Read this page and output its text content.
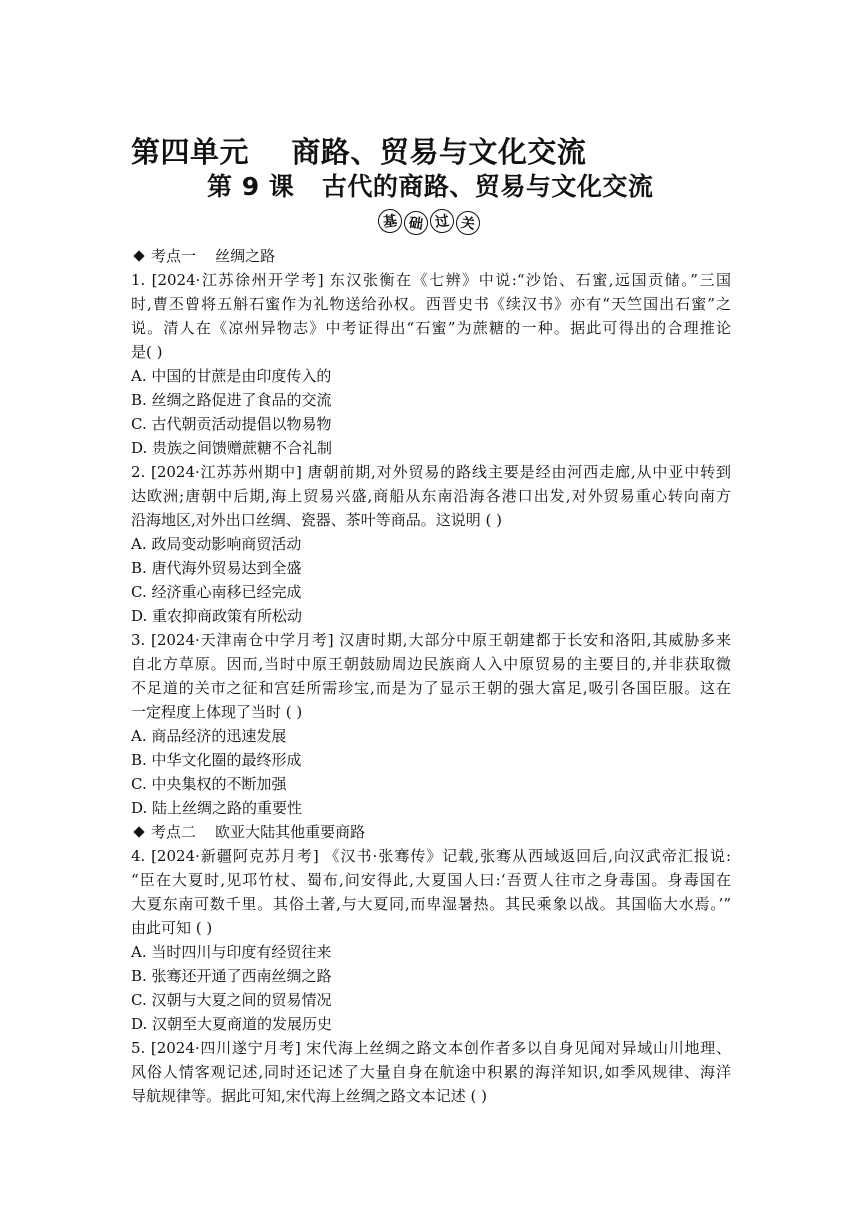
第四单元    商路、贸易与文化交流
第 9 课   古代的商路、贸易与文化交流
基 础 过 关
考点一    丝绸之路
1. [2024·江苏徐州开学考] 东汉张衡在《七辨》中说:“沙饴、石蜜,远国贡储。”三国
时,曹丕曾将五斛石蜜作为礼物送给孙权。西晋史书《续汉书》亦有“天竺国出石蜜”之
说。清人在《凉州异物志》中考证得出“石蜜”为蔗糖的一种。据此可得出的合理推论
是( )
A. 中国的甘蔗是由印度传入的
B. 丝绸之路促进了食品的交流
C. 古代朝贡活动提倡以物易物
D. 贵族之间馈赠蔗糖不合礼制
2. [2024·江苏苏州期中] 唐朝前期,对外贸易的路线主要是经由河西走廊,从中亚中转到
达欧洲;唐朝中后期,海上贸易兴盛,商船从东南沿海各港口出发,对外贸易重心转向南方
沿海地区,对外出口丝绸、瓷器、茶叶等商品。这说明 ( )
A. 政局变动影响商贸活动
B. 唐代海外贸易达到全盛
C. 经济重心南移已经完成
D. 重农抑商政策有所松动
3. [2024·天津南仓中学月考] 汉唐时期,大部分中原王朝建都于长安和洛阳,其威胁多来
自北方草原。因而,当时中原王朝鼓励周边民族商人入中原贸易的主要目的,并非获取微
不足道的关市之征和宫廷所需珍宝,而是为了显示王朝的强大富足,吸引各国臣服。这在
一定程度上体现了当时 ( )
A. 商品经济的迅速发展
B. 中华文化圈的最终形成
C. 中央集权的不断加强
D. 陆上丝绸之路的重要性
考点二    欧亚大陆其他重要商路
4. [2024·新疆阿克苏月考] 《汉书·张骞传》记载,张骞从西域返回后,向汉武帝汇报说:
“臣在大夏时,见邛竹杖、蜀布,问安得此,大夏国人曰:‘吾贾人往市之身毒国。身毒国在
大夏东南可数千里。其俗土著,与大夏同,而卑湿暑热。其民乘象以战。其国临大水焉。’”
由此可知 ( )
A. 当时四川与印度有经贸往来
B. 张骞还开通了西南丝绸之路
C. 汉朝与大夏之间的贸易情况
D. 汉朝至大夏商道的发展历史
5. [2024·四川遂宁月考] 宋代海上丝绸之路文本创作者多以自身见闻对异域山川地理、
风俗人情客观记述,同时还记述了大量自身在航途中积累的海洋知识,如季风规律、海洋
导航规律等。据此可知,宋代海上丝绸之路文本记述 ( )
